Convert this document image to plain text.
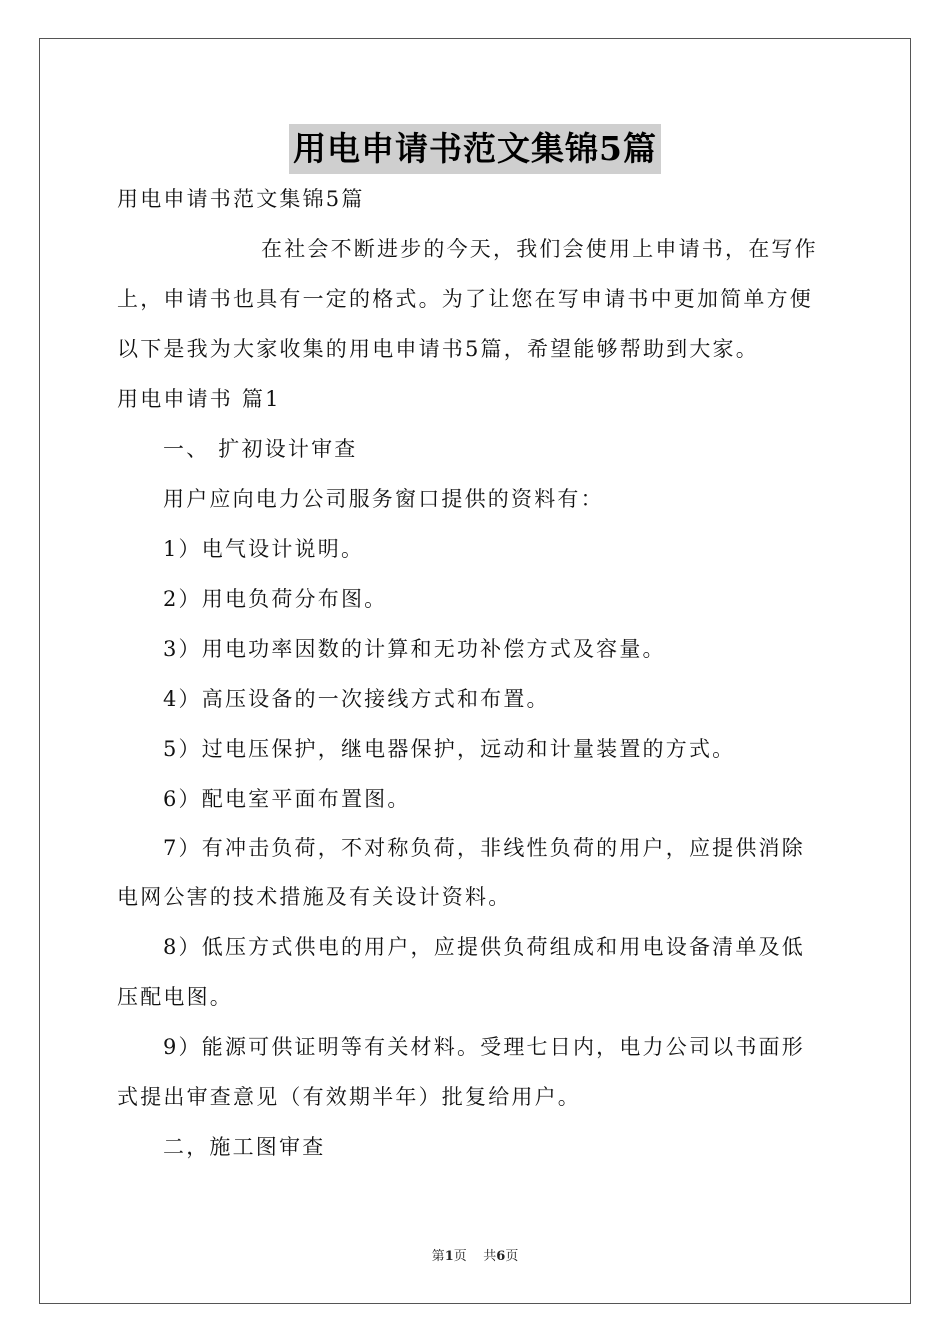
用电申请书范文集锦5篇
用电申请书范文集锦5篇
在社会不断进步的今天，我们会使用上申请书，在写作
上，申请书也具有一定的格式。为了让您在写申请书中更加简单方便
以下是我为大家收集的用电申请书5篇，希望能够帮助到大家。
用电申请书 篇1
一、 扩初设计审查
用户应向电力公司服务窗口提供的资料有：
1）电气设计说明。
2）用电负荷分布图。
3）用电功率因数的计算和无功补偿方式及容量。
4）高压设备的一次接线方式和布置。
5）过电压保护，继电器保护，远动和计量装置的方式。
6）配电室平面布置图。
7）有冲击负荷，不对称负荷，非线性负荷的用户，应提供消除
电网公害的技术措施及有关设计资料。
8）低压方式供电的用户，应提供负荷组成和用电设备清单及低
压配电图。
9）能源可供证明等有关材料。受理七日内，电力公司以书面形
式提出审查意见（有效期半年）批复给用户。
二，施工图审查
第1页    共6页
